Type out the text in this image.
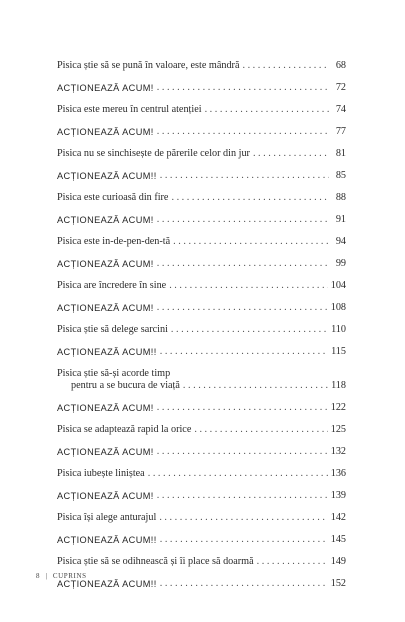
Pisica știe să se pună în valoare, este mândră . . .	68
ACȚIONEAZĂ ACUM! . . .	72
Pisica este mereu în centrul atenției . . .	74
ACȚIONEAZĂ ACUM! . . .	77
Pisica nu se sinchisește de părerile celor din jur . . .	81
ACȚIONEAZĂ ACUM!! . . .	85
Pisica este curioasă din fire . . .	88
ACȚIONEAZĂ ACUM! . . .	91
Pisica este in-de-pen-den-tă . . .	94
ACȚIONEAZĂ ACUM! . . .	99
Pisica are încredere în sine . . .	104
ACȚIONEAZĂ ACUM! . . .	108
Pisica știe să delege sarcini . . .	110
ACȚIONEAZĂ ACUM!! . . .	115
Pisica știe să-și acorde timp
pentru a se bucura de viață . . .	118
ACȚIONEAZĂ ACUM! . . .	122
Pisica se adaptează rapid la orice . . .	125
ACȚIONEAZĂ ACUM! . . .	132
Pisica iubește liniștea . . .	136
ACȚIONEAZĂ ACUM! . . .	139
Pisica își alege anturajul . . .	142
ACȚIONEAZĂ ACUM!! . . .	145
Pisica știe să se odihnească și îi place să doarmă . . .	149
ACȚIONEAZĂ ACUM!! . . .	152
8 | CUPRINS
